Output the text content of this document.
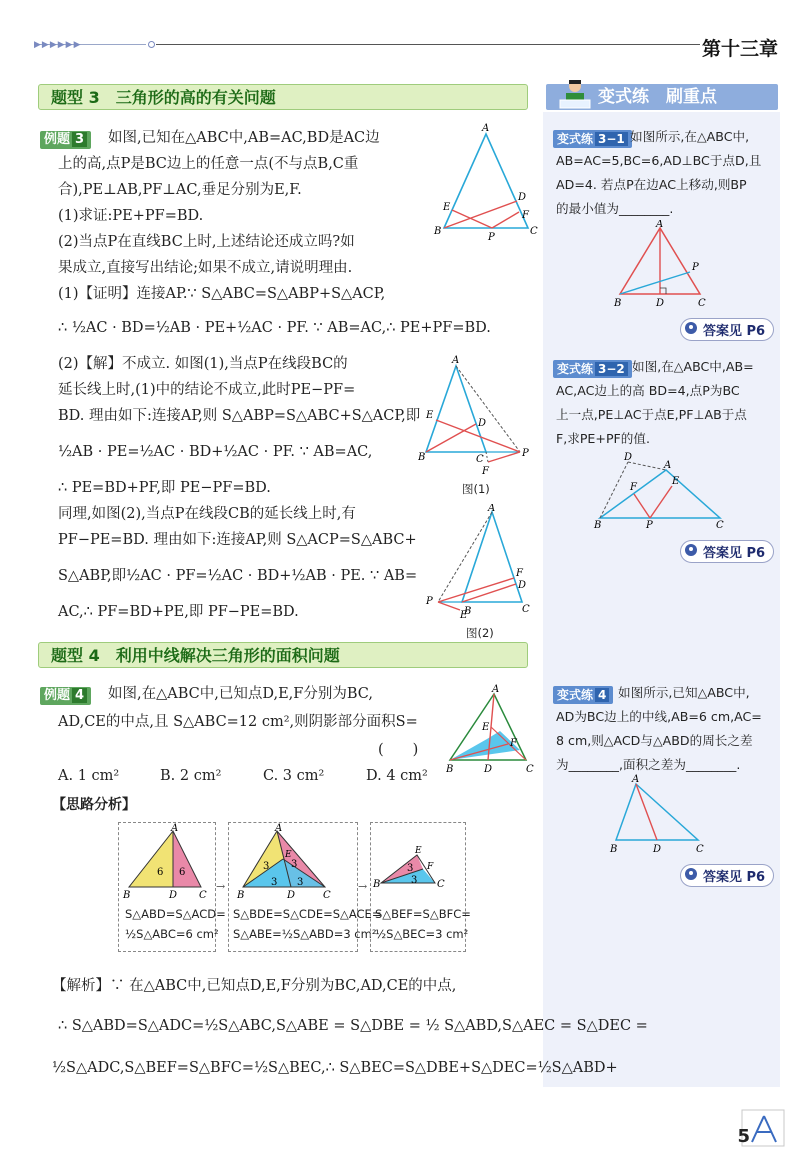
▶▶▶▶▶▶	第十三章
题型 3　三角形的高的有关问题	变式练　刷重点
例题 3	如图,已知在△ABC中,AB=AC,BD是AC边
上的高,点P是BC边上的任意一点(不与点B,C重
合),PE⊥AB,PF⊥AC,垂足分别为E,F.
(1)求证:PE+PF=BD.
(2)当点P在直线BC上时,上述结论还成立吗?如
果成立,直接写出结论;如果不成立,请说明理由.
(1)【证明】连接AP.∵ S△ABC=S△ABP+S△ACP,
∴ ½AC · BD=½AB · PE+½AC · PF. ∵ AB=AC,∴ PE+PF=BD.
(2)【解】不成立. 如图(1),当点P在线段BC的
延长线上时,(1)中的结论不成立,此时PE−PF=
BD. 理由如下:连接AP,则 S△ABP=S△ABC+S△ACP,即
½AB · PE=½AC · BD+½AC · PF. ∵ AB=AC,
∴ PE=BD+PF,即 PE−PF=BD.
同理,如图(2),当点P在线段CB的延长线上时,有
PF−PE=BD. 理由如下:连接AP,则 S△ACP=S△ABC+
S△ABP,即½AC · PF=½AC · BD+½AB · PE. ∵ AB=
AC,∴ PF=BD+PE,即 PF−PE=BD.
A
B	C
D
E
F
P
A
B	C
D
E
F
P
图(1)
A
B	C
D
E
F
P
图(2)
题型 4　利用中线解决三角形的面积问题
例题 4	如图,在△ABC中,已知点D,E,F分别为BC,
AD,CE的中点,且 S△ABC=12 cm²,则阴影部分面积S=
(　　)
A. 1 cm²	B. 2 cm²	C. 3 cm²	D. 4 cm²
A
B	D	C
E
F
【思路分析】
A
B	D C
6 6
S△ABD=S△ACD=
½S△ABC=6 cm²
→
A
B	D	C
E
3 3
3 3
S△BDE=S△CDE=S△ACE=
S△ABE=½S△ABD=3 cm²
→ B	C
E
F
3
3
S△BEF=S△BFC=
½S△BEC=3 cm²
【解析】∵ 在△ABC中,已知点D,E,F分别为BC,AD,CE的中点,
∴ S△ABD=S△ADC=½S△ABC,S△ABE = S△DBE = ½ S△ABD,S△AEC = S△DEC =
½S△ADC,S△BEF=S△BFC=½S△BEC,∴ S△BEC=S△DBE+S△DEC=½S△ABD+
变式练 3−1 如图所示,在△ABC中,
AB=AC=5,BC=6,AD⊥BC于点D,且
AD=4. 若点P在边AC上移动,则BP
的最小值为________.
A
B	D	C
P
答案见 P6
变式练 3−2 如图,在△ABC中,AB=
AC,AC边上的高 BD=4,点P为BC
上一点,PE⊥AC于点E,PF⊥AB于点
F,求PE+PF的值.
D
A
E
F
B	P	C
答案见 P6
变式练 4 如图所示,已知△ABC中,
AD为BC边上的中线,AB=6 cm,AC=
8 cm,则△ACD与△ABD的周长之差
为________,面积之差为________.
A
B	D	C
答案见 P6
5
